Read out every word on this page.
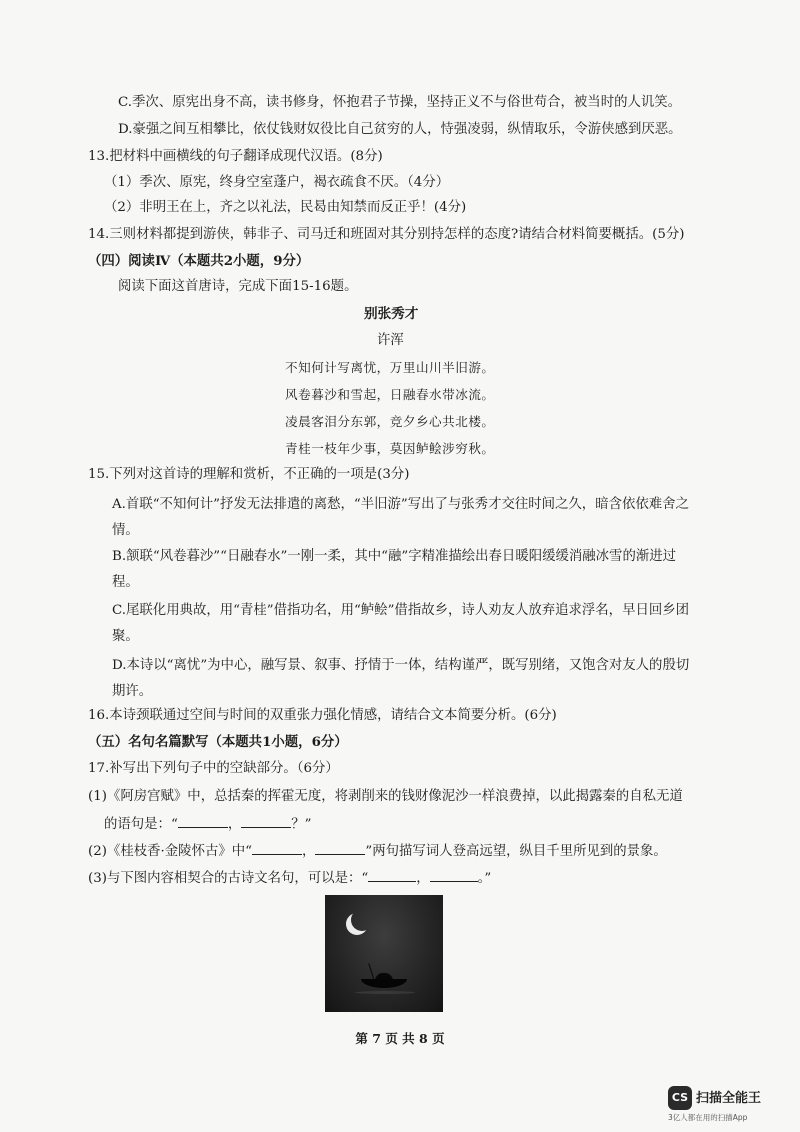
C.季次、原宪出身不高，读书修身，怀抱君子节操，坚持正义不与俗世苟合，被当时的人讥笑。
D.豪强之间互相攀比，依仗钱财奴役比自己贫穷的人，恃强凌弱，纵情取乐，令游侠感到厌恶。
13.把材料中画横线的句子翻译成现代汉语。(8分)
（1）季次、原宪，终身空室蓬户，褐衣疏食不厌。（4分）
（2）非明王在上，齐之以礼法，民曷由知禁而反正乎！(4分)
14.三则材料都提到游侠，韩非子、司马迁和班固对其分别持怎样的态度?请结合材料简要概括。(5分)
（四）阅读Ⅳ（本题共2小题，9分）
阅读下面这首唐诗，完成下面15-16题。
别张秀才
许浑
不知何计写离忧，万里山川半旧游。
风卷暮沙和雪起，日融春水带冰流。
凌晨客泪分东郭，竞夕乡心共北楼。
青桂一枝年少事，莫因鲈鲙涉穷秋。
15.下列对这首诗的理解和赏析，不正确的一项是(3分)
A.首联“不知何计”抒发无法排遣的离愁，“半旧游”写出了与张秀才交往时间之久，暗含依依难舍之情。
B.颔联“风卷暮沙”“日融春水”一刚一柔，其中“融”字精准描绘出春日暖阳缓缓消融冰雪的渐进过程。
C.尾联化用典故，用“青桂”借指功名，用“鲈鲙”借指故乡，诗人劝友人放弃追求浮名，早日回乡团聚。
D.本诗以“离忧”为中心，融写景、叙事、抒情于一体，结构谨严，既写别绪，又饱含对友人的殷切期许。
16.本诗颈联通过空间与时间的双重张力强化情感，请结合文本简要分析。(6分)
（五）名句名篇默写（本题共1小题，6分）
17.补写出下列句子中的空缺部分。（6分）
(1)《阿房宫赋》中，总括秦的挥霍无度，将剥削来的钱财像泥沙一样浪费掉，以此揭露秦的自私无道
的语句是：“	，	？”
(2)《桂枝香·金陵怀古》中“	，	”两句描写词人登高远望，纵目千里所见到的景象。
(3)与下图内容相契合的古诗文名句，可以是：“	，	。”
第 7 页 共 8 页
CS 扫描全能王
3亿人都在用的扫描App
